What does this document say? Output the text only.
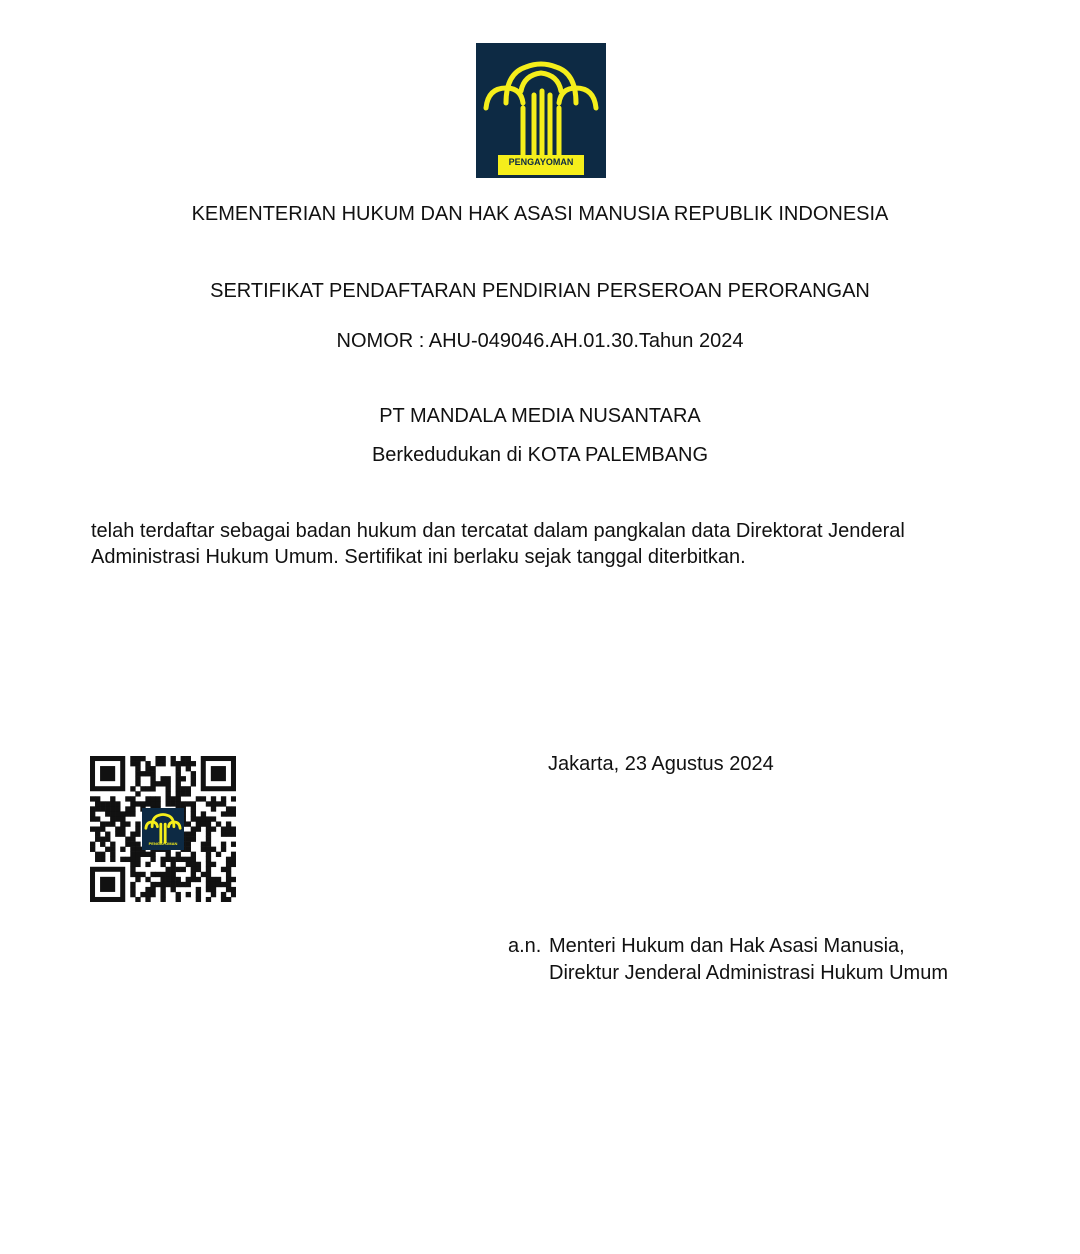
PENGAYOMAN
KEMENTERIAN HUKUM DAN HAK ASASI MANUSIA REPUBLIK INDONESIA
SERTIFIKAT PENDAFTARAN PENDIRIAN PERSEROAN PERORANGAN
NOMOR : AHU-049046.AH.01.30.Tahun 2024
PT MANDALA MEDIA NUSANTARA
Berkedudukan di KOTA PALEMBANG
telah terdaftar sebagai badan hukum dan tercatat dalam pangkalan data Direktorat Jenderal Administrasi Hukum Umum. Sertifikat ini berlaku sejak tanggal diterbitkan.
PENGAYOMAN
Jakarta, 23 Agustus 2024
a.n. Menteri Hukum dan Hak Asasi Manusia,
Direktur Jenderal Administrasi Hukum Umum
